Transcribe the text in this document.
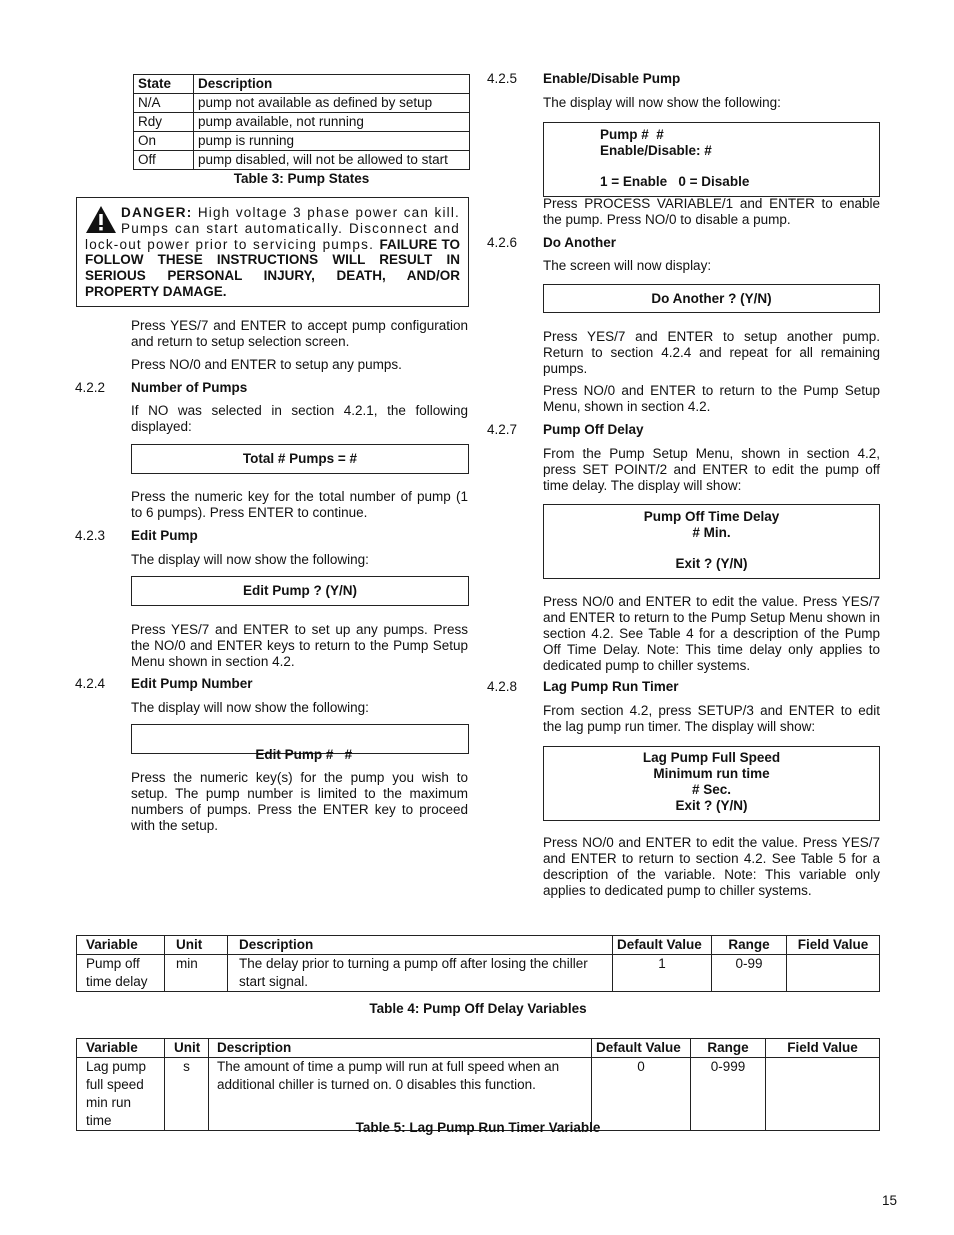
State	Description
N/A	pump not available as defined by setup
Rdy	pump available, not running
On	pump is running
Off	pump disabled, will not be allowed to start
Table 3: Pump States
DANGER: High voltage 3 phase power can kill. Pumps can start automatically. Disconnect and lock-out power prior to servicing pumps. FAILURE TO FOLLOW THESE INSTRUCTIONS WILL RESULT IN SERIOUS PERSONAL INJURY, DEATH, AND/OR PROPERTY DAMAGE.

Press YES/7 and ENTER to accept pump configuration and return to setup selection screen.

Press NO/0 and ENTER to setup any pumps.

4.2.2 Number of Pumps

If NO was selected in section 4.2.1, the following displayed:

Total # Pumps = #

Press the numeric key for the total number of pump (1 to 6 pumps). Press ENTER to continue.

4.2.3 Edit Pump

The display will now show the following:

Edit Pump ? (Y/N)

Press YES/7 and ENTER to set up any pumps. Press the NO/0 and ENTER keys to return to the Pump Setup Menu shown in section 4.2.

4.2.4 Edit Pump Number

The display will now show the following:

Edit Pump #   #

Press the numeric key(s) for the pump you wish to setup. The pump number is limited to the maximum numbers of pumps. Press the ENTER key to proceed with the setup.

4.2.5 Enable/Disable Pump

The display will now show the following:

Pump #  #
Enable/Disable: #
1 = Enable   0 = Disable

Press PROCESS VARIABLE/1 and ENTER to enable the pump. Press NO/0 to disable a pump.

4.2.6 Do Another

The screen will now display:

Do Another ? (Y/N)

Press YES/7 and ENTER to setup another pump. Return to section 4.2.4 and repeat for all remaining pumps.

Press NO/0 and ENTER to return to the Pump Setup Menu, shown in section 4.2.

4.2.7 Pump Off Delay

From the Pump Setup Menu, shown in section 4.2, press SET POINT/2 and ENTER to edit the pump off time delay. The display will show:

Pump Off Time Delay
# Min.
Exit ? (Y/N)

Press NO/0 and ENTER to edit the value. Press YES/7 and ENTER to return to the Pump Setup Menu shown in section 4.2. See Table 4 for a description of the Pump Off Time Delay. Note: This time delay only applies to dedicated pump to chiller systems.

4.2.8 Lag Pump Run Timer

From section 4.2, press SETUP/3 and ENTER to edit the lag pump run timer. The display will show:

Lag Pump Full Speed
Minimum run time
# Sec.
Exit ? (Y/N)

Press NO/0 and ENTER to edit the value. Press YES/7 and ENTER to return to section 4.2. See Table 5 for a description of the variable. Note: This variable only applies to dedicated pump to chiller systems.

Variable	Unit	Description	Default Value	Range	Field Value
Pump off time delay	min	The delay prior to turning a pump off after losing the chiller start signal.	1	0-99	
Table 4: Pump Off Delay Variables
Variable	Unit	Description	Default Value	Range	Field Value
Lag pump full speed min run time	s	The amount of time a pump will run at full speed when an additional chiller is turned on. 0 disables this function.	0	0-999	
Table 5: Lag Pump Run Timer Variable
15
